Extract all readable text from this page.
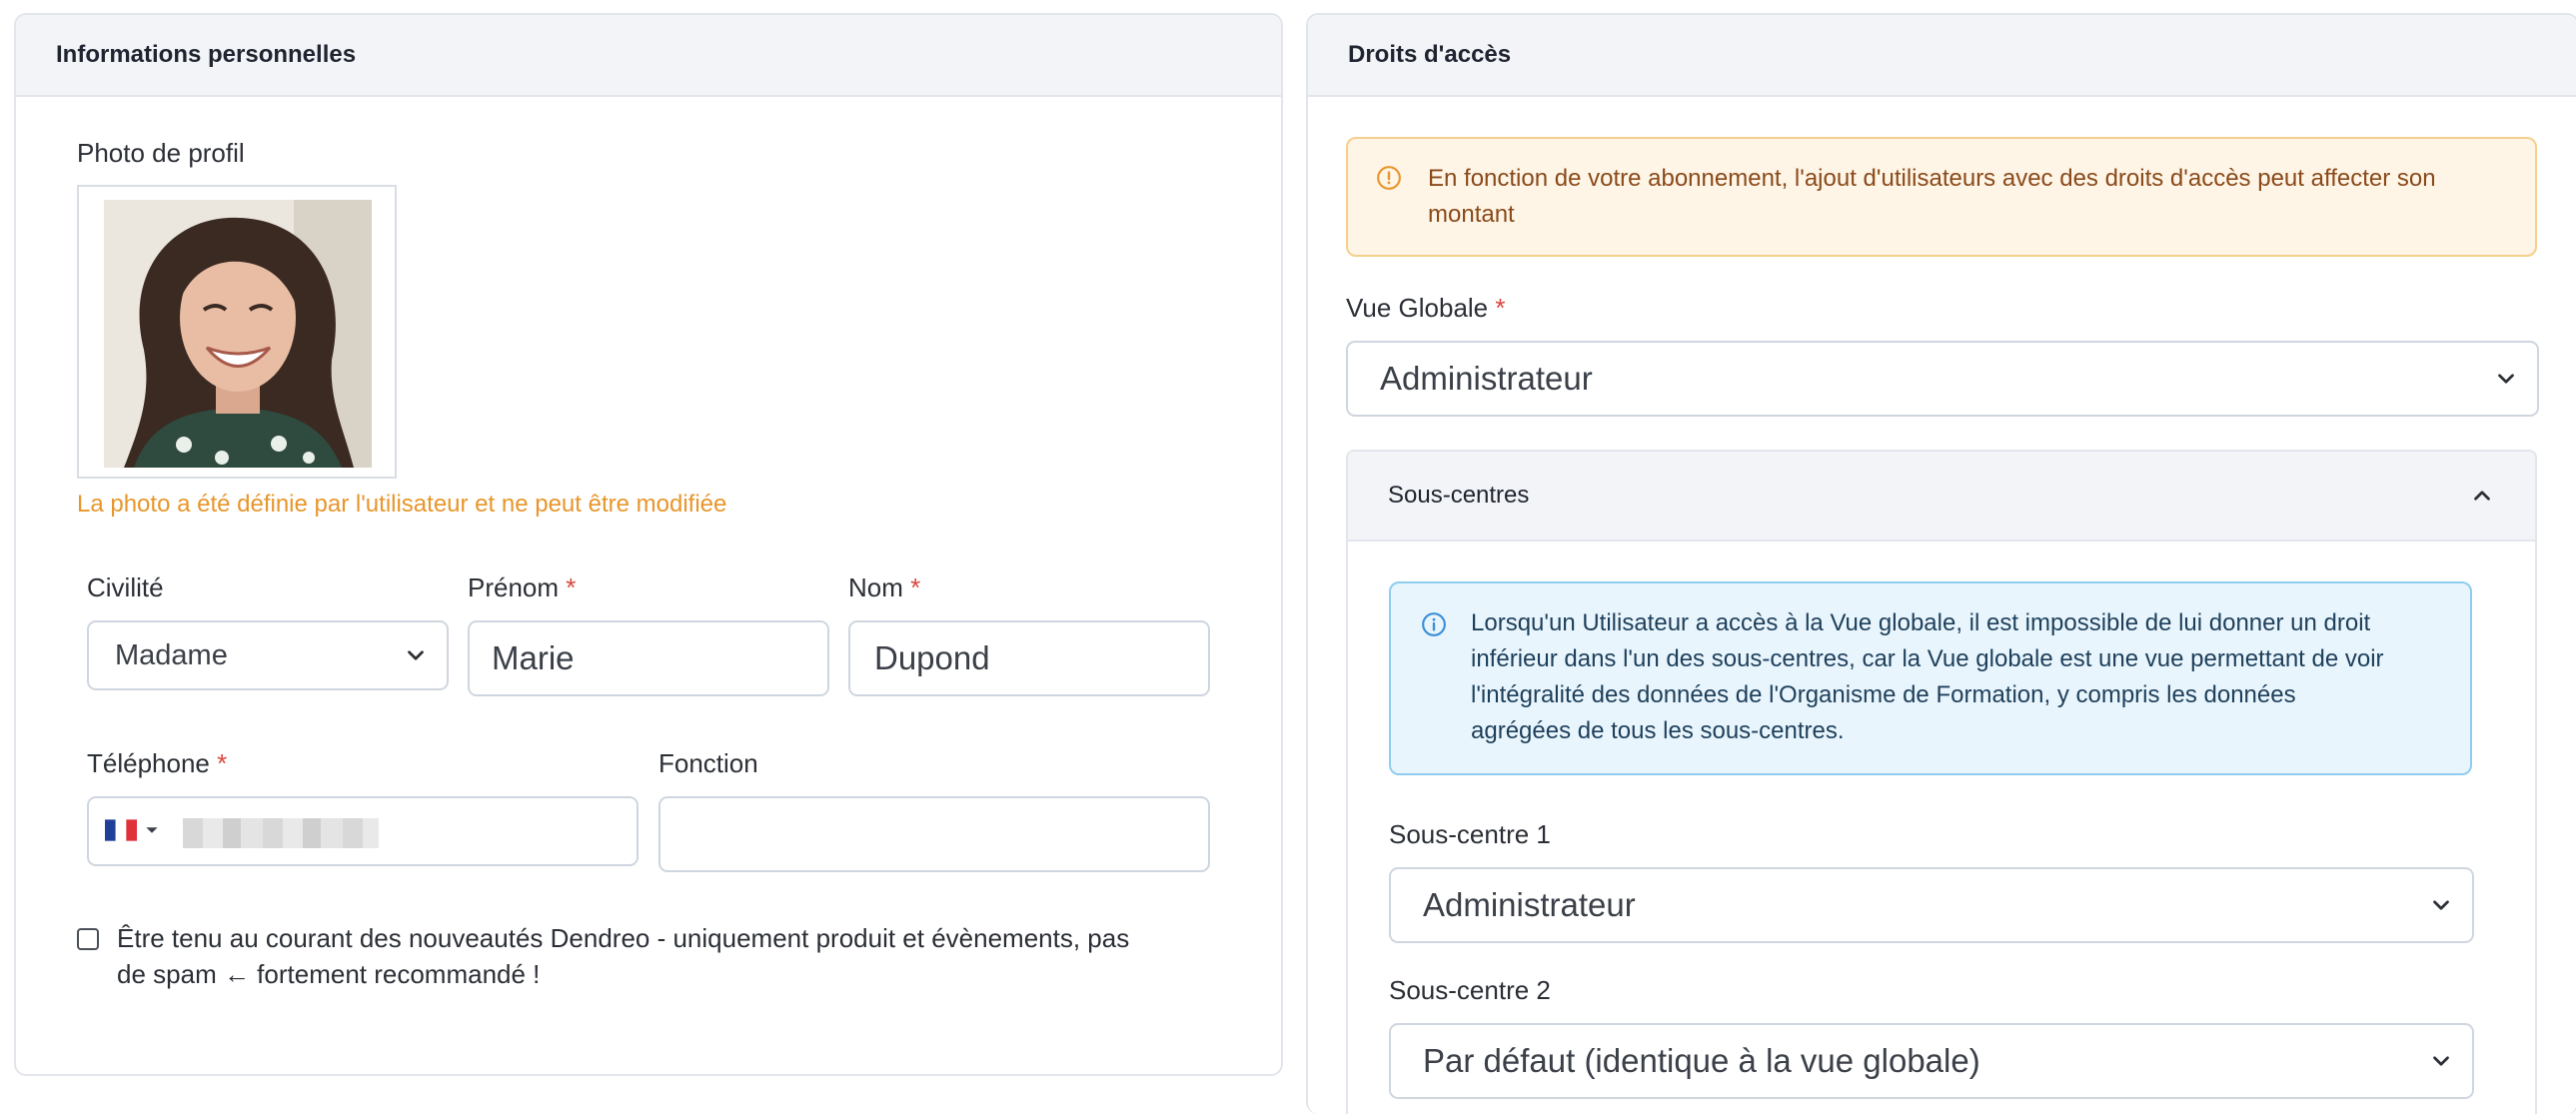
Informations personnelles
Photo de profil
La photo a été définie par l'utilisateur et ne peut être modifiée
Civilité
Madame
Prénom *
Marie
Nom *
Dupond
Téléphone *	Fonction
Être tenu au courant des nouveautés Dendreo - uniquement produit et évènements, pas
de spam ← fortement recommandé !
Droits d'accès
En fonction de votre abonnement, l'ajout d'utilisateurs avec des droits d'accès peut affecter son
montant
Vue Globale *
Administrateur
Sous-centres
Lorsqu'un Utilisateur a accès à la Vue globale, il est impossible de lui donner un droit
inférieur dans l'un des sous-centres, car la Vue globale est une vue permettant de voir
l'intégralité des données de l'Organisme de Formation, y compris les données
agrégées de tous les sous-centres.
Sous-centre 1
Administrateur
Sous-centre 2
Par défaut (identique à la vue globale)
